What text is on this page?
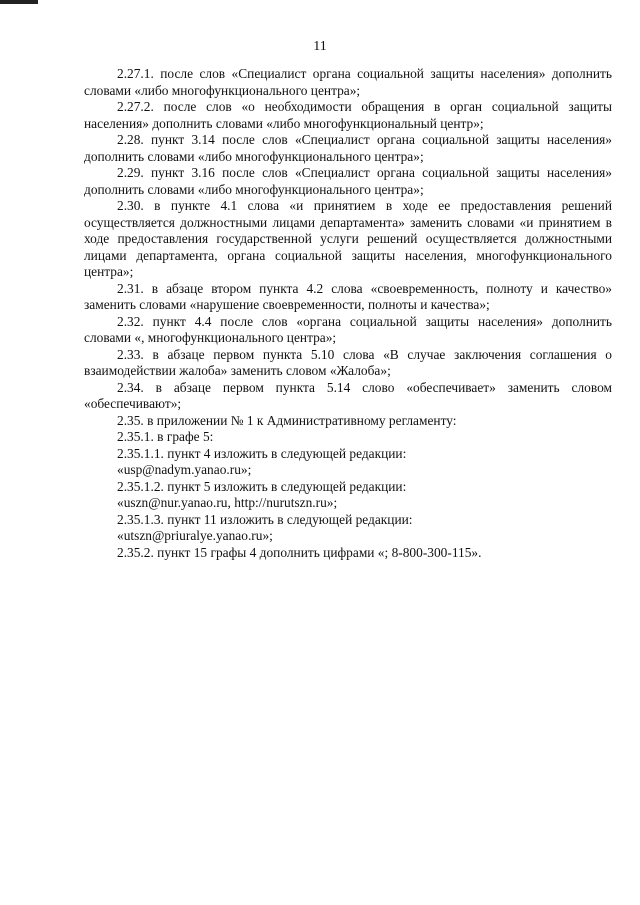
11

2.27.1. после слов «Специалист органа социальной защиты населения» дополнить словами «либо многофункционального центра»;

2.27.2. после слов «о необходимости обращения в орган социальной защиты населения» дополнить словами «либо многофункциональный центр»;

2.28. пункт 3.14 после слов «Специалист органа социальной защиты населения» дополнить словами «либо многофункционального центра»;

2.29. пункт 3.16 после слов «Специалист органа социальной защиты населения» дополнить словами «либо многофункционального центра»;

2.30. в пункте 4.1 слова «и принятием в ходе ее предоставления решений осуществляется должностными лицами департамента» заменить словами «и принятием в ходе предоставления государственной услуги решений осуществляется должностными лицами департамента, органа социальной защиты населения, многофункционального центра»;

2.31. в абзаце втором пункта 4.2 слова «своевременность, полноту и качество» заменить словами «нарушение своевременности, полноты и качества»;

2.32. пункт 4.4 после слов «органа социальной защиты населения» дополнить словами «, многофункционального центра»;

2.33. в абзаце первом пункта 5.10 слова «В случае заключения соглашения о взаимодействии жалоба» заменить словом «Жалоба»;

2.34. в абзаце первом пункта 5.14 слово «обеспечивает» заменить словом «обеспечивают»;

2.35. в приложении № 1 к Административному регламенту:

2.35.1. в графе 5:

2.35.1.1. пункт 4 изложить в следующей редакции:

«usp@nadym.yanao.ru»;

2.35.1.2. пункт 5 изложить в следующей редакции:

«uszn@nur.yanao.ru, http://nurutszn.ru»;

2.35.1.3. пункт 11 изложить в следующей редакции:

«utszn@priuralye.yanao.ru»;

2.35.2. пункт 15 графы 4 дополнить цифрами «; 8-800-300-115».
